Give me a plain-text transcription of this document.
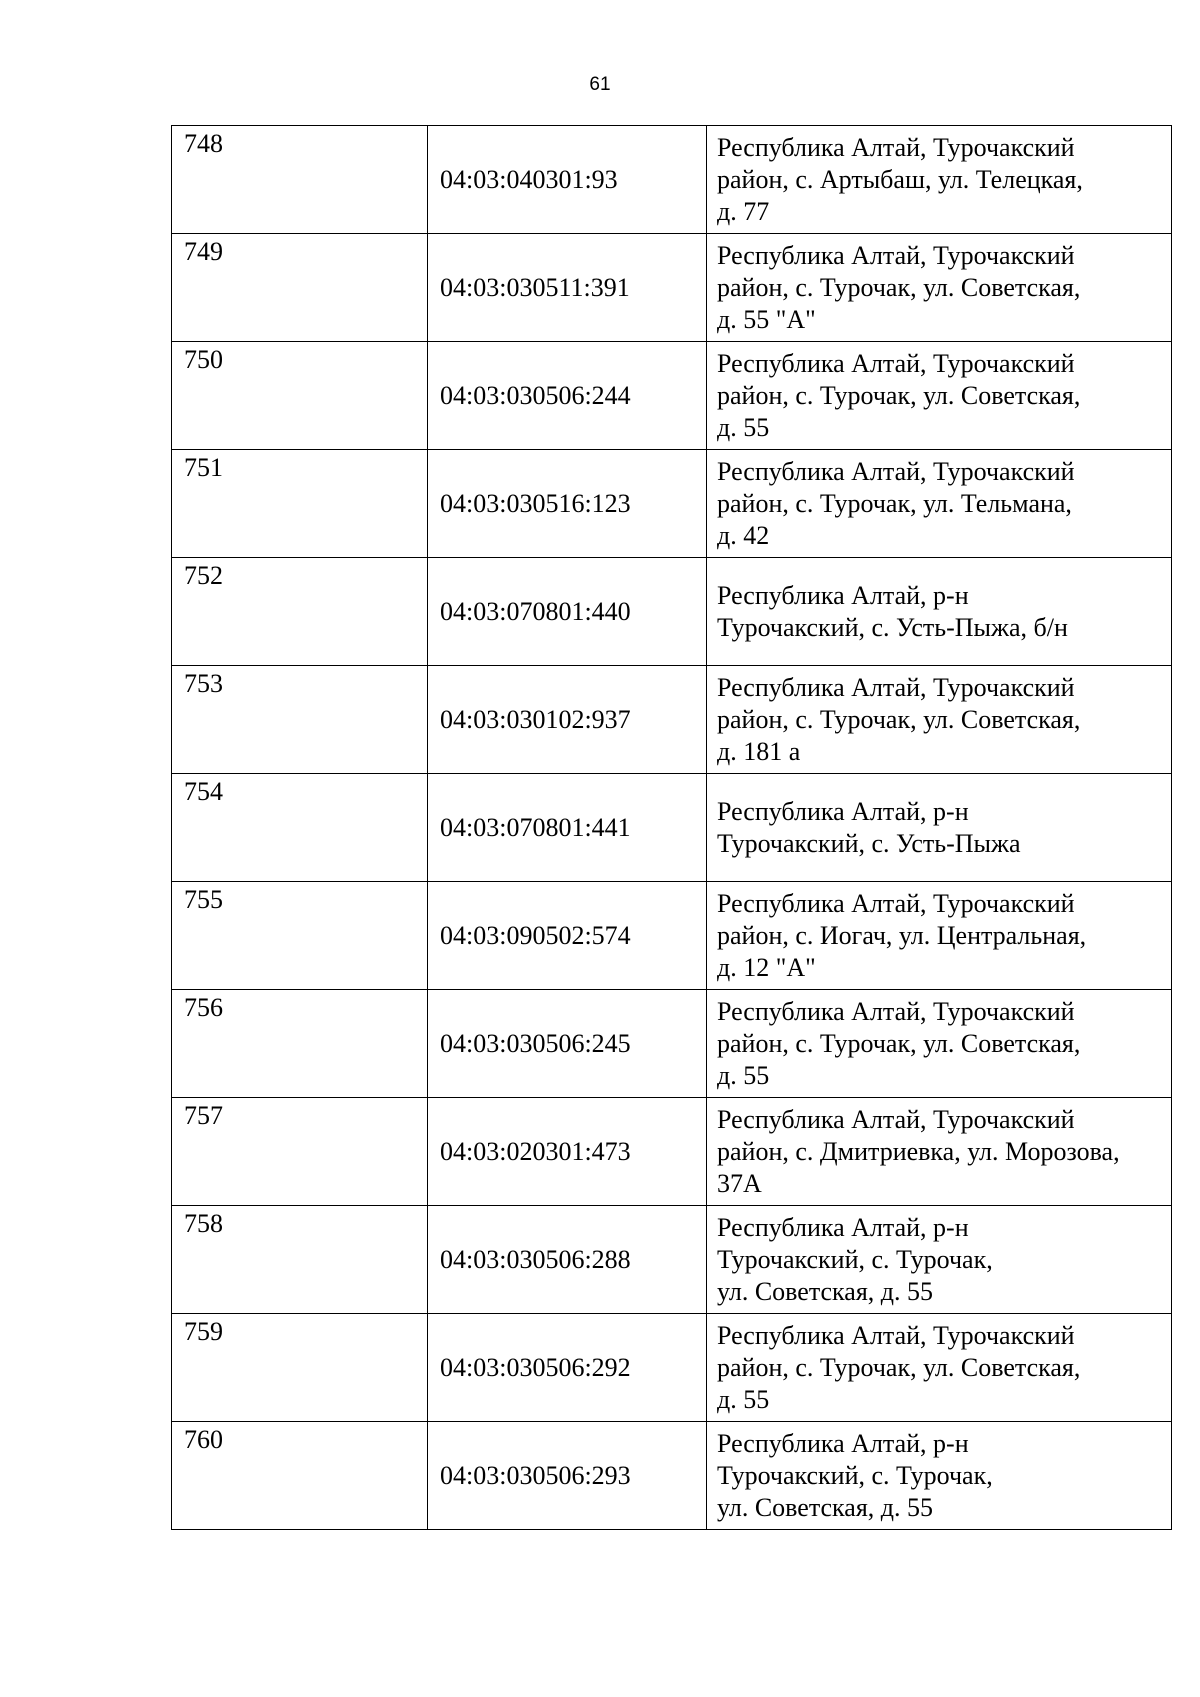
61
748	04:03:040301:93	Республика Алтай, Турочакский
район, с. Артыбаш, ул. Телецкая,
д. 77

749	04:03:030511:391	Республика Алтай, Турочакский
район, с. Турочак, ул. Советская,
д. 55 "А"

750	04:03:030506:244	Республика Алтай, Турочакский
район, с. Турочак, ул. Советская,
д. 55

751	04:03:030516:123	Республика Алтай, Турочакский
район, с. Турочак, ул. Тельмана,
д. 42

752	04:03:070801:440	Республика Алтай, р-н
Турочакский, с. Усть-Пыжа, б/н

753	04:03:030102:937	Республика Алтай, Турочакский
район, с. Турочак, ул. Советская,
д. 181 а

754	04:03:070801:441	Республика Алтай, р-н
Турочакский, с. Усть-Пыжа

755	04:03:090502:574	Республика Алтай, Турочакский
район, с. Иогач, ул. Центральная,
д. 12 "А"

756	04:03:030506:245	Республика Алтай, Турочакский
район, с. Турочак, ул. Советская,
д. 55

757	04:03:020301:473	Республика Алтай, Турочакский
район, с. Дмитриевка, ул. Морозова,
37А

758	04:03:030506:288	Республика Алтай, р-н
Турочакский, с. Турочак,
ул. Советская, д. 55

759	04:03:030506:292	Республика Алтай, Турочакский
район, с. Турочак, ул. Советская,
д. 55

760	04:03:030506:293	Республика Алтай, р-н
Турочакский, с. Турочак,
ул. Советская, д. 55
